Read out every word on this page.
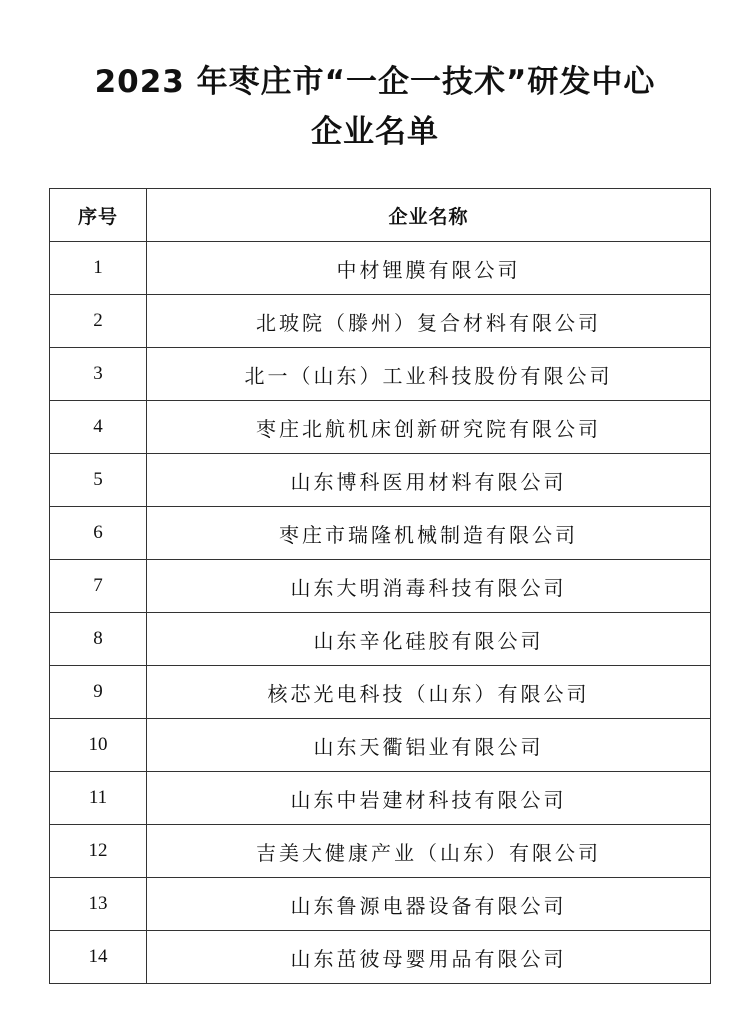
2023 年枣庄市“一企一技术”研发中心
企业名单
序号	企业名称
1	中材锂膜有限公司
2	北玻院（滕州）复合材料有限公司
3	北一（山东）工业科技股份有限公司
4	枣庄北航机床创新研究院有限公司
5	山东博科医用材料有限公司
6	枣庄市瑞隆机械制造有限公司
7	山东大明消毒科技有限公司
8	山东辛化硅胶有限公司
9	核芯光电科技（山东）有限公司
10	山东天衢铝业有限公司
11	山东中岩建材科技有限公司
12	吉美大健康产业（山东）有限公司
13	山东鲁源电器设备有限公司
14	山东茁彼母婴用品有限公司
